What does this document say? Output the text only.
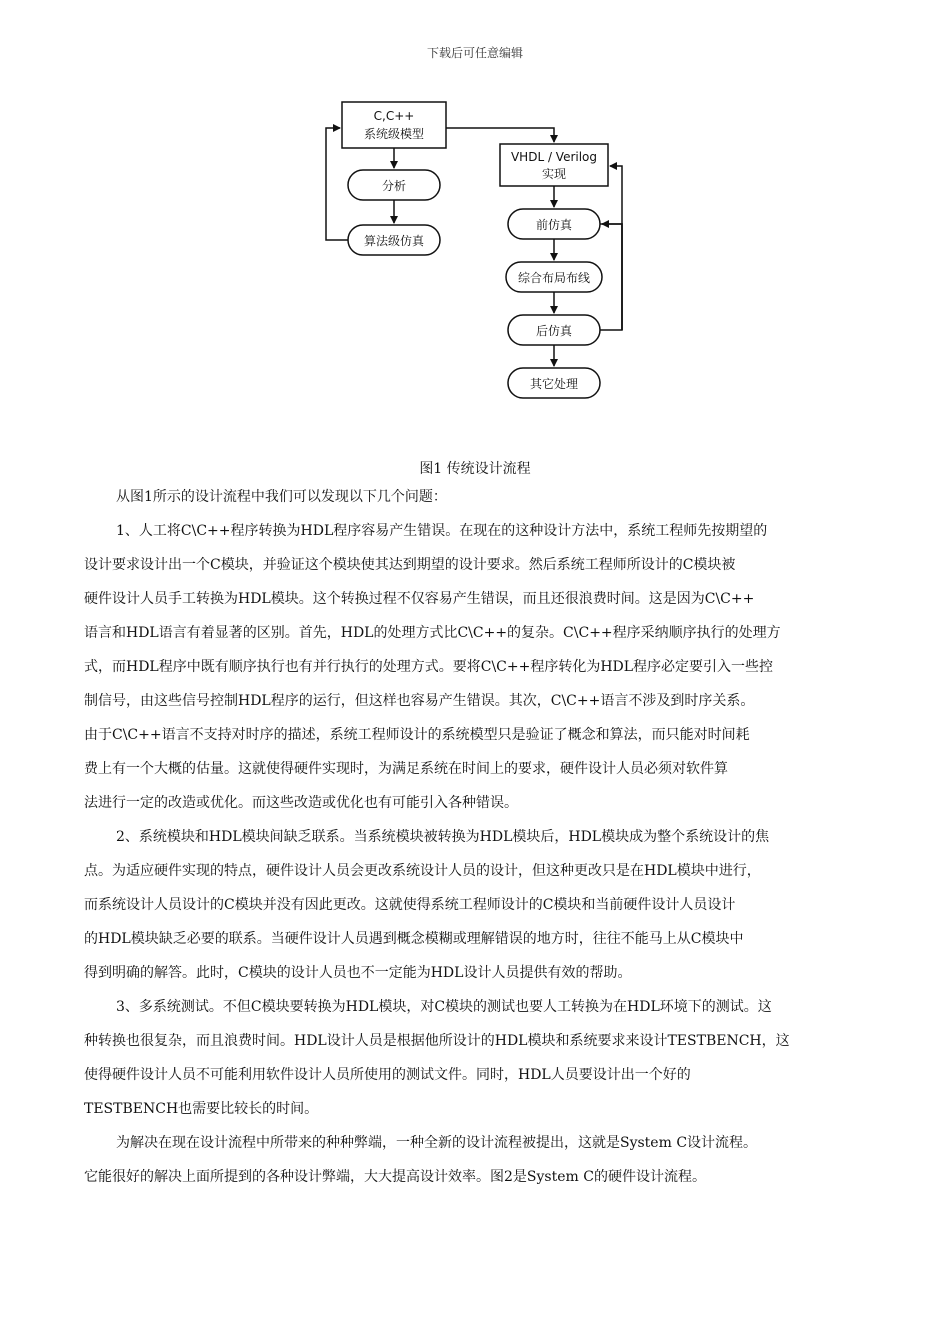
下载后可任意编辑
C,C++
系统级模型
分析
算法级仿真
VHDL / Verilog
实现
前仿真
综合布局布线
后仿真
其它处理
图1 传统设计流程
从图1所示的设计流程中我们可以发现以下几个问题：
1、人工将C\C++程序转换为HDL程序容易产生错误。在现在的这种设计方法中，系统工程师先按期望的
设计要求设计出一个C模块，并验证这个模块使其达到期望的设计要求。然后系统工程师所设计的C模块被
硬件设计人员手工转换为HDL模块。这个转换过程不仅容易产生错误，而且还很浪费时间。这是因为C\C++
语言和HDL语言有着显著的区别。首先，HDL的处理方式比C\C++的复杂。C\C++程序采纳顺序执行的处理方
式，而HDL程序中既有顺序执行也有并行执行的处理方式。要将C\C++程序转化为HDL程序必定要引入一些控
制信号，由这些信号控制HDL程序的运行，但这样也容易产生错误。其次，C\C++语言不涉及到时序关系。
由于C\C++语言不支持对时序的描述，系统工程师设计的系统模型只是验证了概念和算法，而只能对时间耗
费上有一个大概的估量。这就使得硬件实现时，为满足系统在时间上的要求，硬件设计人员必须对软件算
法进行一定的改造或优化。而这些改造或优化也有可能引入各种错误。
2、系统模块和HDL模块间缺乏联系。当系统模块被转换为HDL模块后，HDL模块成为整个系统设计的焦
点。为适应硬件实现的特点，硬件设计人员会更改系统设计人员的设计，但这种更改只是在HDL模块中进行，
而系统设计人员设计的C模块并没有因此更改。这就使得系统工程师设计的C模块和当前硬件设计人员设计
的HDL模块缺乏必要的联系。当硬件设计人员遇到概念模糊或理解错误的地方时，往往不能马上从C模块中
得到明确的解答。此时，C模块的设计人员也不一定能为HDL设计人员提供有效的帮助。
3、多系统测试。不但C模块要转换为HDL模块，对C模块的测试也要人工转换为在HDL环境下的测试。这
种转换也很复杂，而且浪费时间。HDL设计人员是根据他所设计的HDL模块和系统要求来设计TESTBENCH，这
使得硬件设计人员不可能利用软件设计人员所使用的测试文件。同时，HDL人员要设计出一个好的
TESTBENCH也需要比较长的时间。
为解决在现在设计流程中所带来的种种弊端，一种全新的设计流程被提出，这就是System C设计流程。
它能很好的解决上面所提到的各种设计弊端，大大提高设计效率。图2是System C的硬件设计流程。
